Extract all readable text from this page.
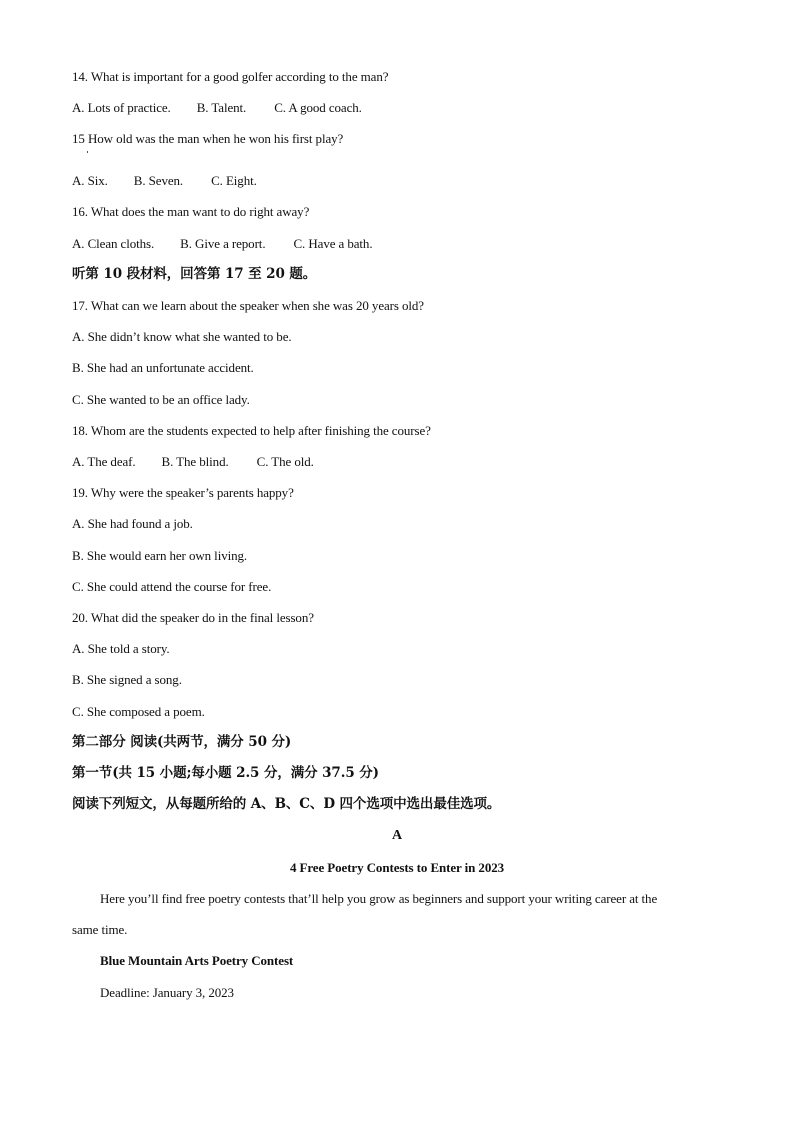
14. What is important for a good golfer according to the man?
A. Lots of practice. B. Talent. C. A good coach.
15 How old was the man when he won his first play?
A. Six. B. Seven. C. Eight.
16. What does the man want to do right away?
A. Clean cloths. B. Give a report. C. Have a bath.
听第 10 段材料，回答第 17 至 20 题。
17. What can we learn about the speaker when she was 20 years old?
A. She didn’t know what she wanted to be.
B. She had an unfortunate accident.
C. She wanted to be an office lady.
18. Whom are the students expected to help after finishing the course?
A. The deaf. B. The blind. C. The old.
19. Why were the speaker’s parents happy?
A. She had found a job.
B. She would earn her own living.
C. She could attend the course for free.
20. What did the speaker do in the final lesson?
A. She told a story.
B. She signed a song.
C. She composed a poem.
第二部分 阅读(共两节，满分 50 分)
第一节(共 15 小题;每小题 2.5 分，满分 37.5 分)
阅读下列短文，从每题所给的 A、B、C、D 四个选项中选出最佳选项。
A
4 Free Poetry Contests to Enter in 2023
Here you’ll find free poetry contests that’ll help you grow as beginners and support your writing career at the
same time.
Blue Mountain Arts Poetry Contest
Deadline: January 3, 2023
